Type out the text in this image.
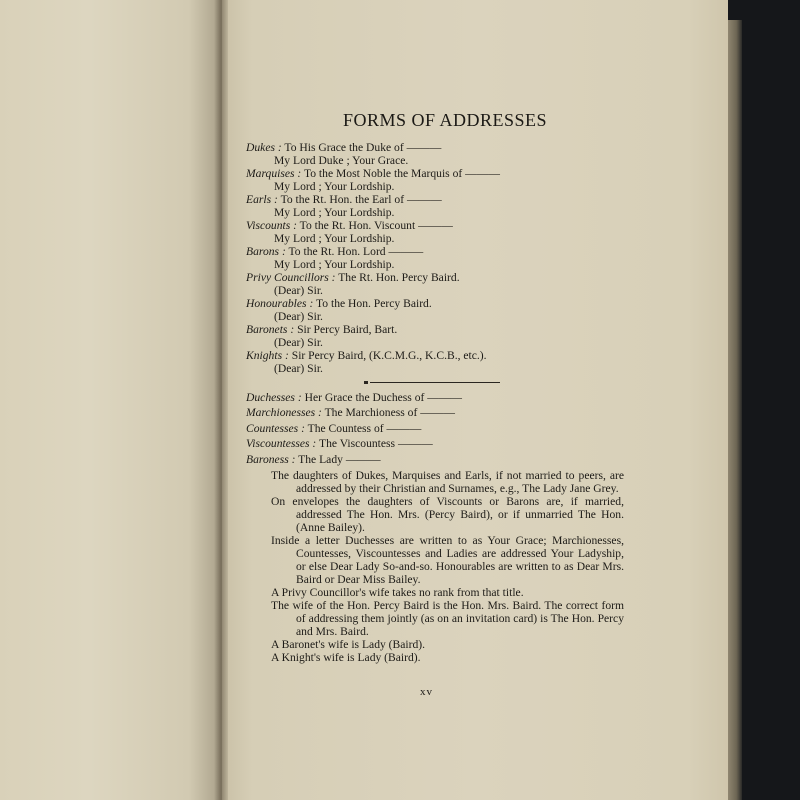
FORMS OF ADDRESSES
Dukes : To His Grace the Duke of ———
My Lord Duke ; Your Grace.
Marquises : To the Most Noble the Marquis of ———
My Lord ; Your Lordship.
Earls : To the Rt. Hon. the Earl of ———
My Lord ; Your Lordship.
Viscounts : To the Rt. Hon. Viscount ———
My Lord ; Your Lordship.
Barons : To the Rt. Hon. Lord ———
My Lord ; Your Lordship.
Privy Councillors : The Rt. Hon. Percy Baird.
(Dear) Sir.
Honourables : To the Hon. Percy Baird.
(Dear) Sir.
Baronets : Sir Percy Baird, Bart.
(Dear) Sir.
Knights : Sir Percy Baird, (K.C.M.G., K.C.B., etc.).
(Dear) Sir.
Duchesses : Her Grace the Duchess of ———
Marchionesses : The Marchioness of ———
Countesses : The Countess of ———
Viscountesses : The Viscountess ———
Baroness : The Lady ———

The daughters of Dukes, Marquises and Earls, if not married to peers, are addressed by their Christian and Surnames, e.g., The Lady Jane Grey.

On envelopes the daughters of Viscounts or Barons are, if married, addressed The Hon. Mrs. (Percy Baird), or if unmarried The Hon. (Anne Bailey).

Inside a letter Duchesses are written to as Your Grace; Marchionesses, Countesses, Viscountesses and Ladies are addressed Your Ladyship, or else Dear Lady So-and-so. Honourables are written to as Dear Mrs. Baird or Dear Miss Bailey.

A Privy Councillor's wife takes no rank from that title.

The wife of the Hon. Percy Baird is the Hon. Mrs. Baird. The correct form of addressing them jointly (as on an invitation card) is The Hon. Percy and Mrs. Baird.

A Baronet's wife is Lady (Baird).

A Knight's wife is Lady (Baird).

xv
